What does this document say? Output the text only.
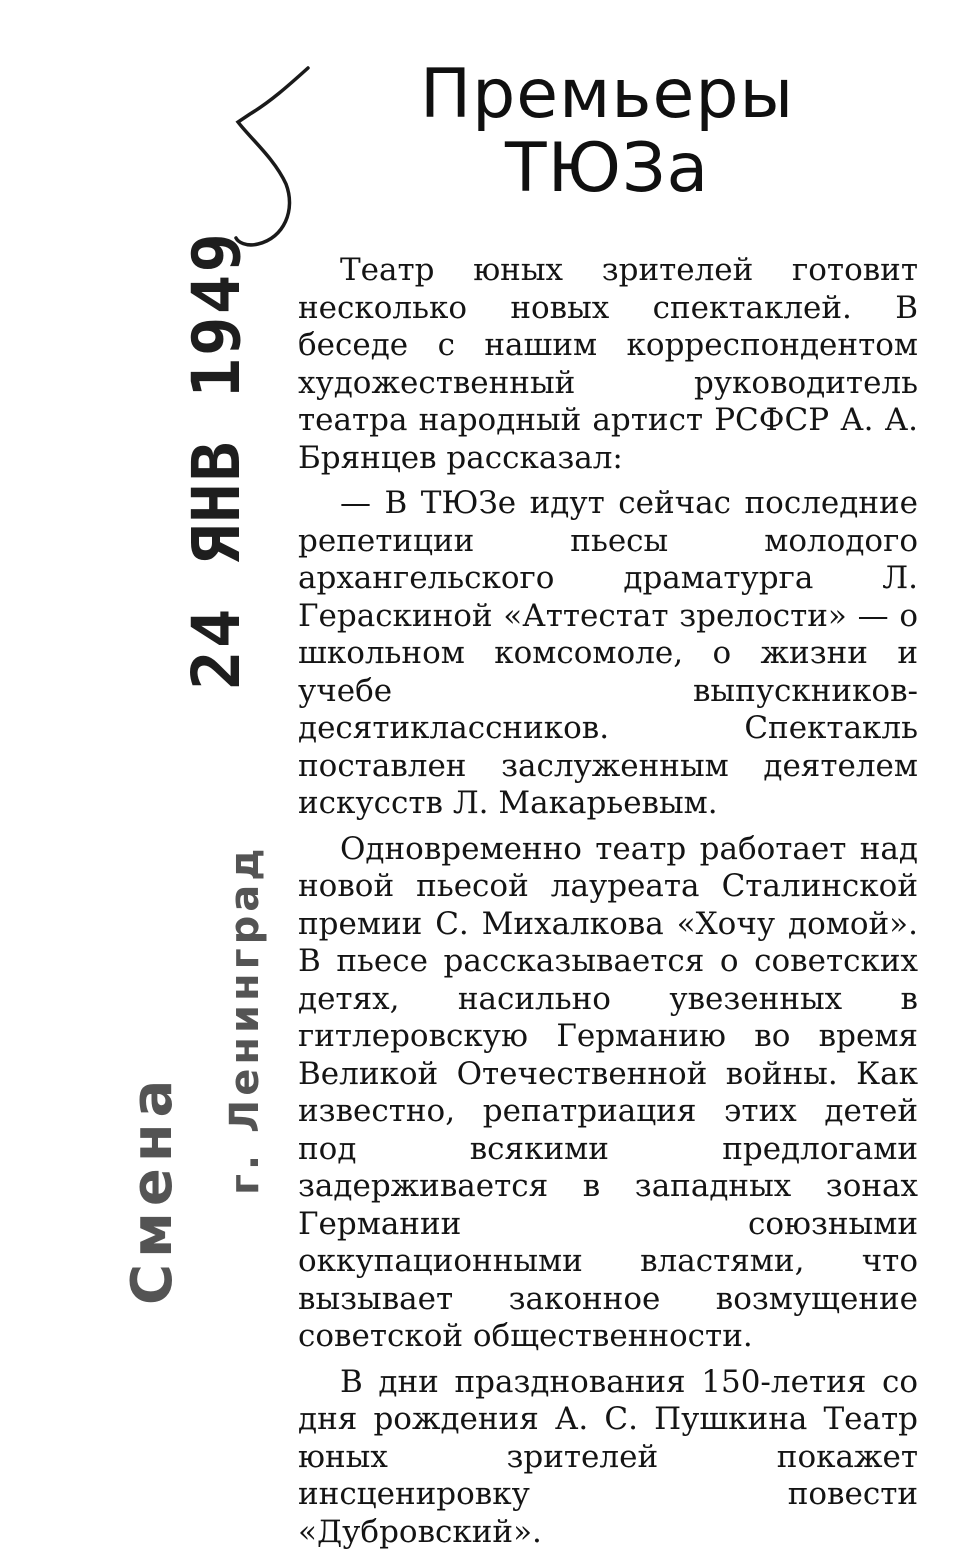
24 ЯНВ 1949
Смена г. Ленинград
Премьеры
ТЮЗа

Театр юных зрителей готовит несколько новых спектаклей. В беседе с нашим корреспондентом художественный руководитель театра народный артист РСФСР А. А. Брянцев рассказал:

— В ТЮЗе идут сейчас последние репетиции пьесы молодого архангельского драматурга Л. Гераскиной «Аттестат зрелости» — о школьном комсомоле, о жизни и учебе выпускников-десятиклассников. Спектакль поставлен заслуженным деятелем искусств Л. Макарьевым.

Одновременно театр работает над новой пьесой лауреата Сталинской премии С. Михалкова «Хочу домой». В пьесе рассказывается о советских детях, насильно увезенных в гитлеровскую Германию во время Великой Отечественной войны. Как известно, репатриация этих детей под всякими предлогами задерживается в западных зонах Германии союзными оккупационными властями, что вызывает законное возмущение советской общественности.

В дни празднования 150-летия со дня рождения А. С. Пушкина Театр юных зрителей покажет инсценировку повести «Дубровский».
